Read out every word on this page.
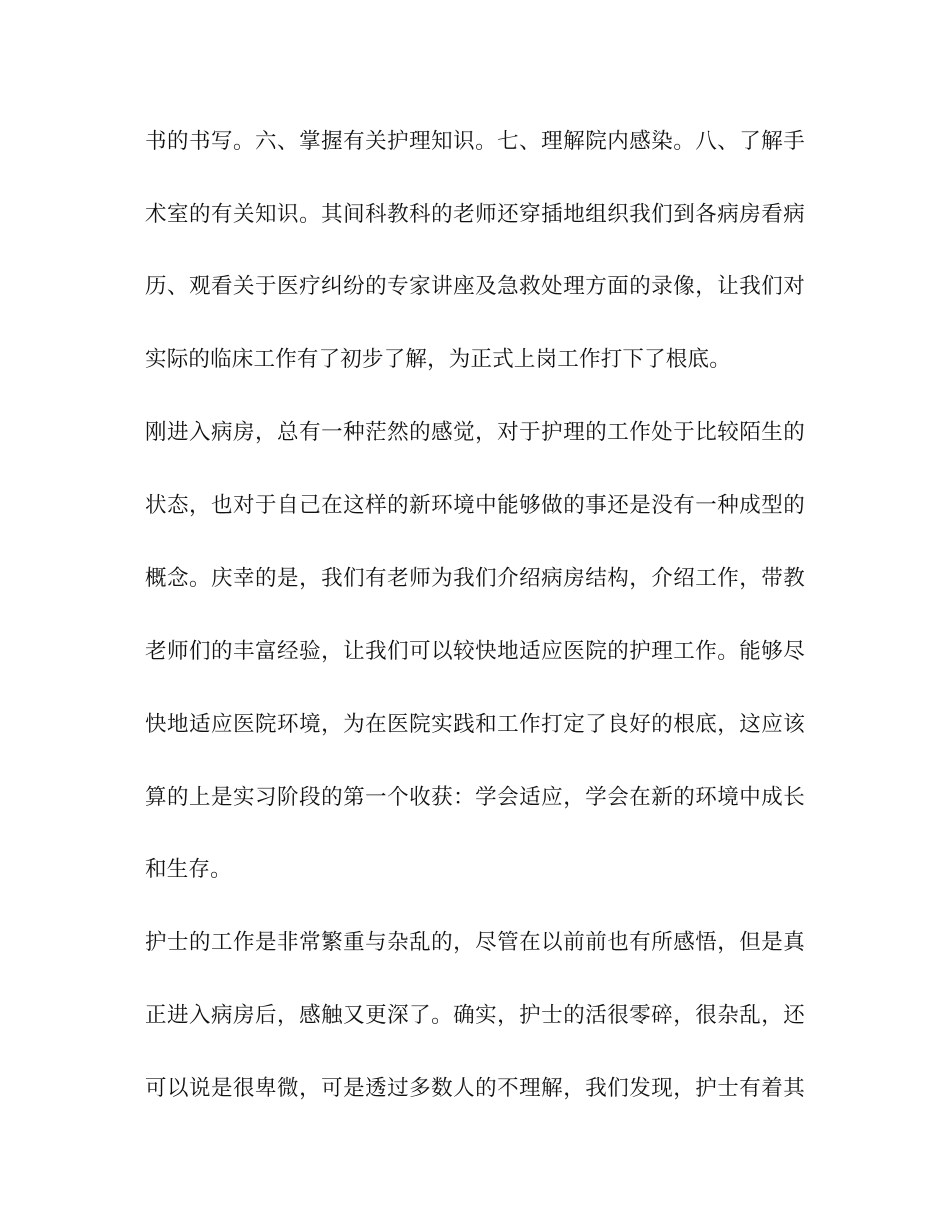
书的书写。六、掌握有关护理知识。七、理解院内感染。八、了解手
术室的有关知识。其间科教科的老师还穿插地组织我们到各病房看病
历、观看关于医疗纠纷的专家讲座及急救处理方面的录像，让我们对
实际的临床工作有了初步了解，为正式上岗工作打下了根底。
刚进入病房，总有一种茫然的感觉，对于护理的工作处于比较陌生的
状态，也对于自己在这样的新环境中能够做的事还是没有一种成型的
概念。庆幸的是，我们有老师为我们介绍病房结构，介绍工作，带教
老师们的丰富经验，让我们可以较快地适应医院的护理工作。能够尽
快地适应医院环境，为在医院实践和工作打定了良好的根底，这应该
算的上是实习阶段的第一个收获：学会适应，学会在新的环境中成长
和生存。
护士的工作是非常繁重与杂乱的，尽管在以前前也有所感悟，但是真
正进入病房后，感触又更深了。确实，护士的活很零碎，很杂乱，还
可以说是很卑微，可是透过多数人的不理解，我们发现，护士有着其
